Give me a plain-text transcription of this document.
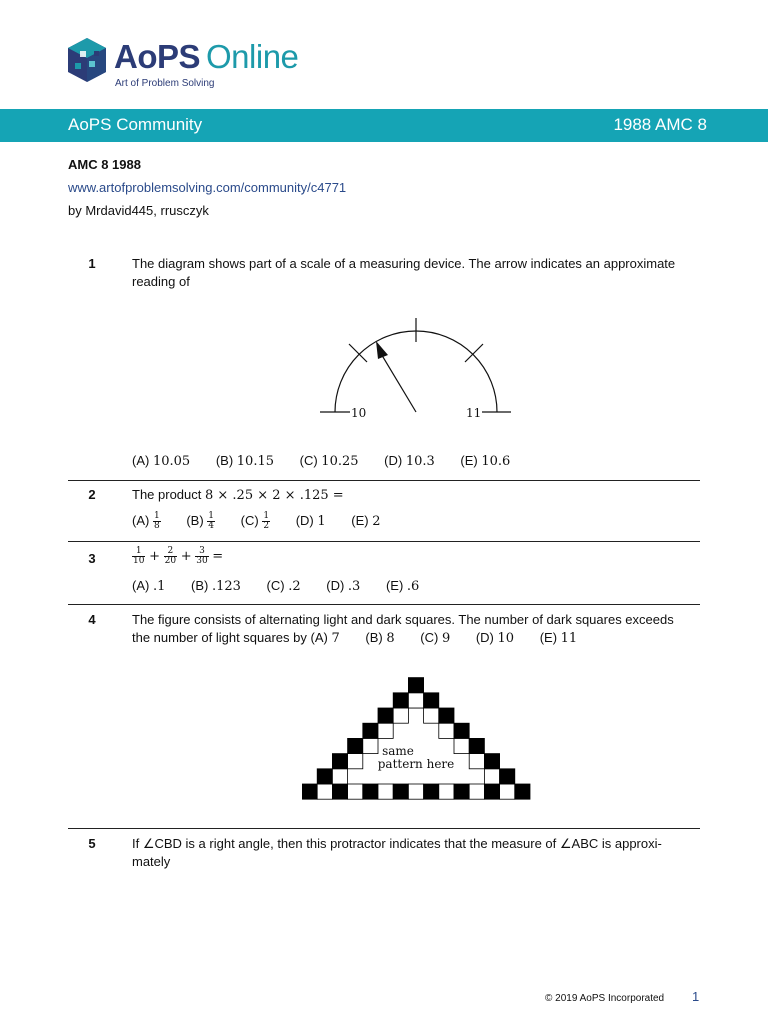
AoPS Online
Art of Problem Solving
AoPS Community	1988 AMC 8
AMC 8 1988
www.artofproblemsolving.com/community/c4771
by Mrdavid445, rrusczyk
1	The diagram shows part of a scale of a measuring device. The arrow indicates an approximate reading of
10	11
(A) 10.05 (B) 10.15 (C) 10.25 (D) 10.3 (E) 10.6
2	The product 8 × .25 × 2 × .125 =
$(A) \frac{1}{8} (B) \frac{1}{4} (C) \frac{1}{2} (D)$ 1 (E) 2
3	$\frac{1}{10} + \frac{2}{20} + \frac{3}{30}$ =
(A) .1 (B) .123 (C) .2 (D) .3 (E) .6
4	The figure consists of alternating light and dark squares. The number of dark squares exceeds
the number of light squares by (A) 7 (B) 8 (C) 9 (D) 10 (E) 11
same
pattern here
5	If ∠CBD is a right angle, then this protractor indicates that the measure of ∠ABC is approxi-
mately
© 2019 AoPS Incorporated 1
